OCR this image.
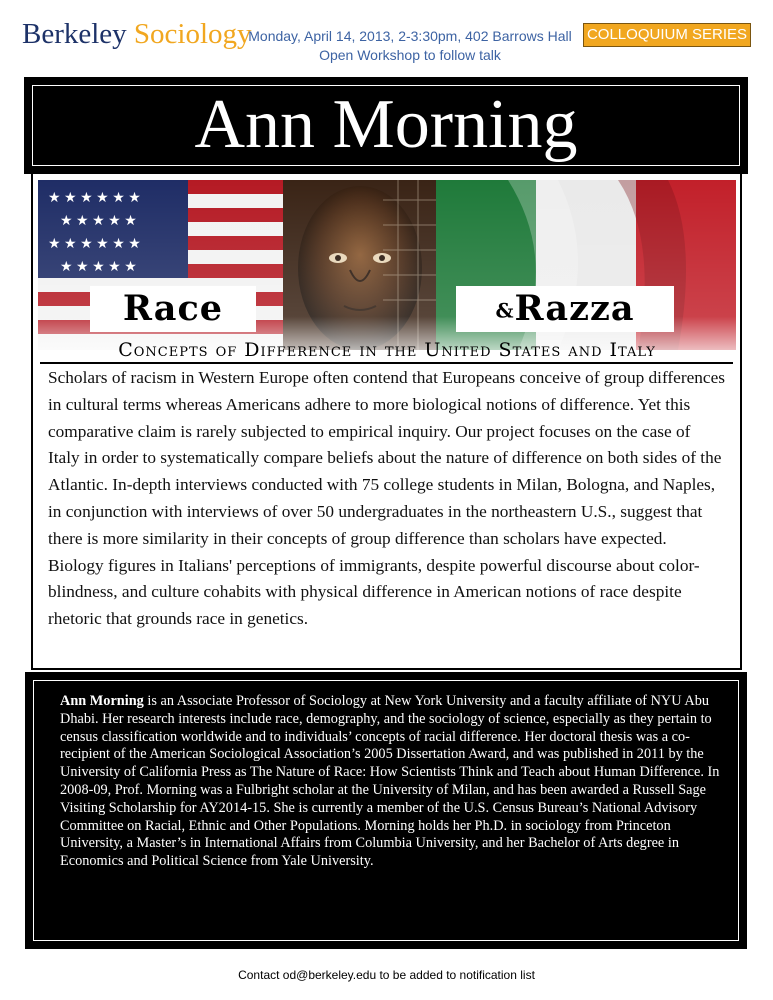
Berkeley Sociology
Monday, April 14, 2013, 2-3:30pm, 402 Barrows Hall
Open Workshop to follow talk
COLLOQUIUM SERIES
Ann Morning
Race	&Razza
Concepts of Difference in the United States and Italy
Scholars of racism in Western Europe often contend that Europeans conceive of group differences in cultural terms whereas Americans adhere to more biological notions of difference. Yet this comparative claim is rarely subjected to empirical inquiry. Our project focuses on the case of Italy in order to systematically compare beliefs about the nature of difference on both sides of the Atlantic. In-depth interviews conducted with 75 college students in Milan, Bologna, and Naples, in conjunction with interviews of over 50 undergraduates in the northeastern U.S., suggest that there is more similarity in their concepts of group difference than scholars have expected. Biology figures in Italians' perceptions of immigrants, despite powerful discourse about color-blindness, and culture cohabits with physical difference in American notions of race despite rhetoric that grounds race in genetics.
Ann Morning is an Associate Professor of Sociology at New York University and a faculty affiliate of NYU Abu Dhabi. Her research interests include race, demography, and the sociology of science, especially as they pertain to census classification worldwide and to individuals’ concepts of racial difference. Her doctoral thesis was a co-recipient of the American Sociological Association’s 2005 Dissertation Award, and was published in 2011 by the University of California Press as The Nature of Race: How Scientists Think and Teach about Human Difference. In 2008-09, Prof. Morning was a Fulbright scholar at the University of Milan, and has been awarded a Russell Sage Visiting Scholarship for AY2014-15. She is currently a member of the U.S. Census Bureau’s National Advisory Committee on Racial, Ethnic and Other Populations. Morning holds her Ph.D. in sociology from Princeton University, a Master’s in International Affairs from Columbia University, and her Bachelor of Arts degree in Economics and Political Science from Yale University.
Contact od@berkeley.edu to be added to notification list
